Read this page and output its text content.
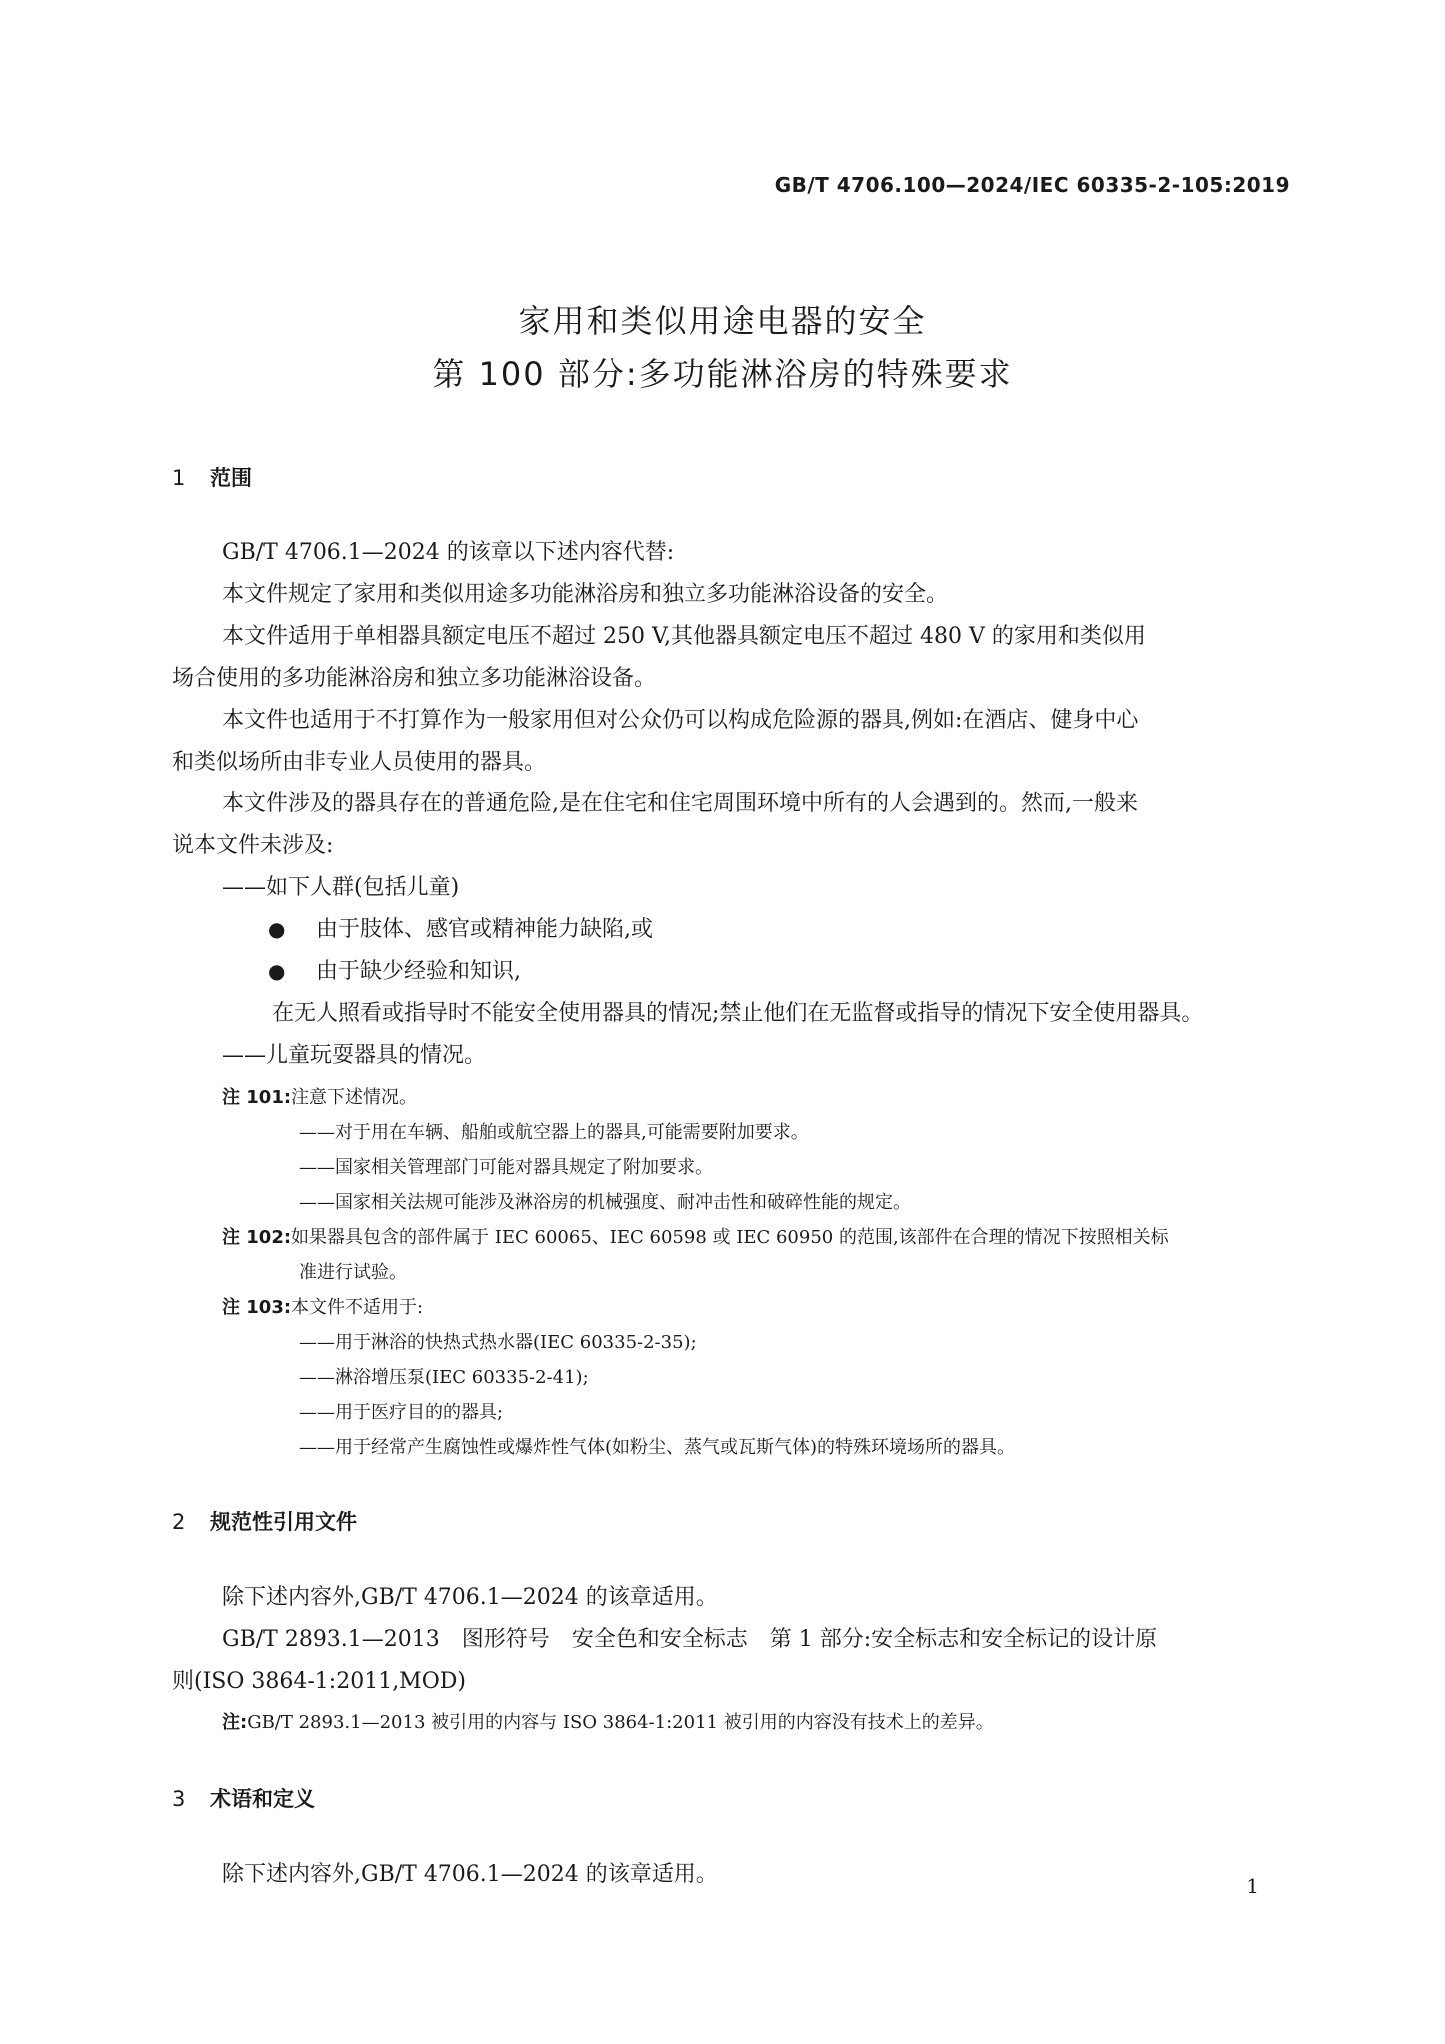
GB/T 4706.100—2024/IEC 60335-2-105:2019
家用和类似用途电器的安全
第 100 部分:多功能淋浴房的特殊要求
1 范围
GB/T 4706.1—2024 的该章以下述内容代替:
本文件规定了家用和类似用途多功能淋浴房和独立多功能淋浴设备的安全。
本文件适用于单相器具额定电压不超过 250 V,其他器具额定电压不超过 480 V 的家用和类似用
场合使用的多功能淋浴房和独立多功能淋浴设备。
本文件也适用于不打算作为一般家用但对公众仍可以构成危险源的器具,例如:在酒店、健身中心
和类似场所由非专业人员使用的器具。
本文件涉及的器具存在的普通危险,是在住宅和住宅周围环境中所有的人会遇到的。然而,一般来
说本文件未涉及:
——如下人群(包括儿童)
● 由于肢体、感官或精神能力缺陷,或
● 由于缺少经验和知识,
在无人照看或指导时不能安全使用器具的情况;禁止他们在无监督或指导的情况下安全使用器具。
——儿童玩耍器具的情况。
注 101:注意下述情况。
——对于用在车辆、船舶或航空器上的器具,可能需要附加要求。
——国家相关管理部门可能对器具规定了附加要求。
——国家相关法规可能涉及淋浴房的机械强度、耐冲击性和破碎性能的规定。
注 102:如果器具包含的部件属于 IEC 60065、IEC 60598 或 IEC 60950 的范围,该部件在合理的情况下按照相关标
准进行试验。
注 103:本文件不适用于:
——用于淋浴的快热式热水器(IEC 60335-2-35);
——淋浴增压泵(IEC 60335-2-41);
——用于医疗目的的器具;
——用于经常产生腐蚀性或爆炸性气体(如粉尘、蒸气或瓦斯气体)的特殊环境场所的器具。
2 规范性引用文件
除下述内容外,GB/T 4706.1—2024 的该章适用。
GB/T 2893.1—2013　图形符号　安全色和安全标志　第 1 部分:安全标志和安全标记的设计原
则(ISO 3864-1:2011,MOD)
注:GB/T 2893.1—2013 被引用的内容与 ISO 3864-1:2011 被引用的内容没有技术上的差异。
3 术语和定义
除下述内容外,GB/T 4706.1—2024 的该章适用。	1
